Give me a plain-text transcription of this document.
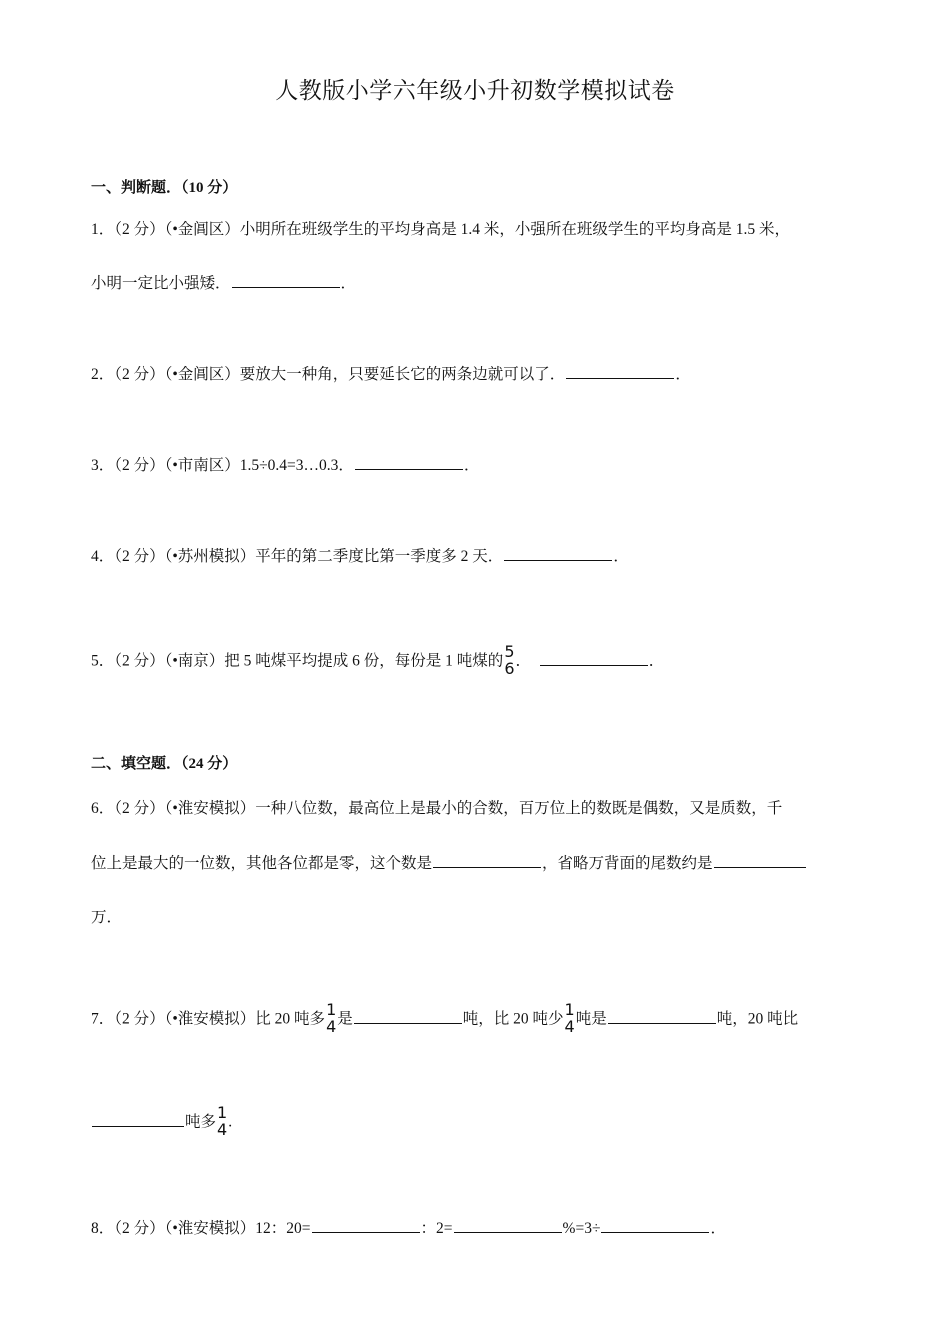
人教版小学六年级小升初数学模拟试卷
一、判断题．（10 分）
1．（2 分）（•金阊区）小明所在班级学生的平均身高是 1.4 米，小强所在班级学生的平均身高是 1.5 米，
小明一定比小强矮．	．
2．（2 分）（•金阊区）要放大一种角，只要延长它的两条边就可以了．	．
3．（2 分）（•市南区）1.5÷0.4=3…0.3．	．
4．（2 分）（•苏州模拟）平年的第二季度比第一季度多 2 天．	．
5．（2 分）（•南京）把 5 吨煤平均提成 6 份，每份是 1 吨煤的
5
6 ．	．
二、填空题．（24 分）
6．（2 分）（•淮安模拟）一种八位数，最高位上是最小的合数，百万位上的数既是偶数，又是质数，千
位上是最大的一位数，其他各位都是零，这个数是	，省略万背面的尾数约是
万．
7．（2 分）（•淮安模拟）比 20 吨多
1
4 是	吨，比 20 吨少
1
4 吨是	吨，20 吨比
吨多
1
4 .
8．（2 分）（•淮安模拟）12：20=	：2=	%=3÷	．
